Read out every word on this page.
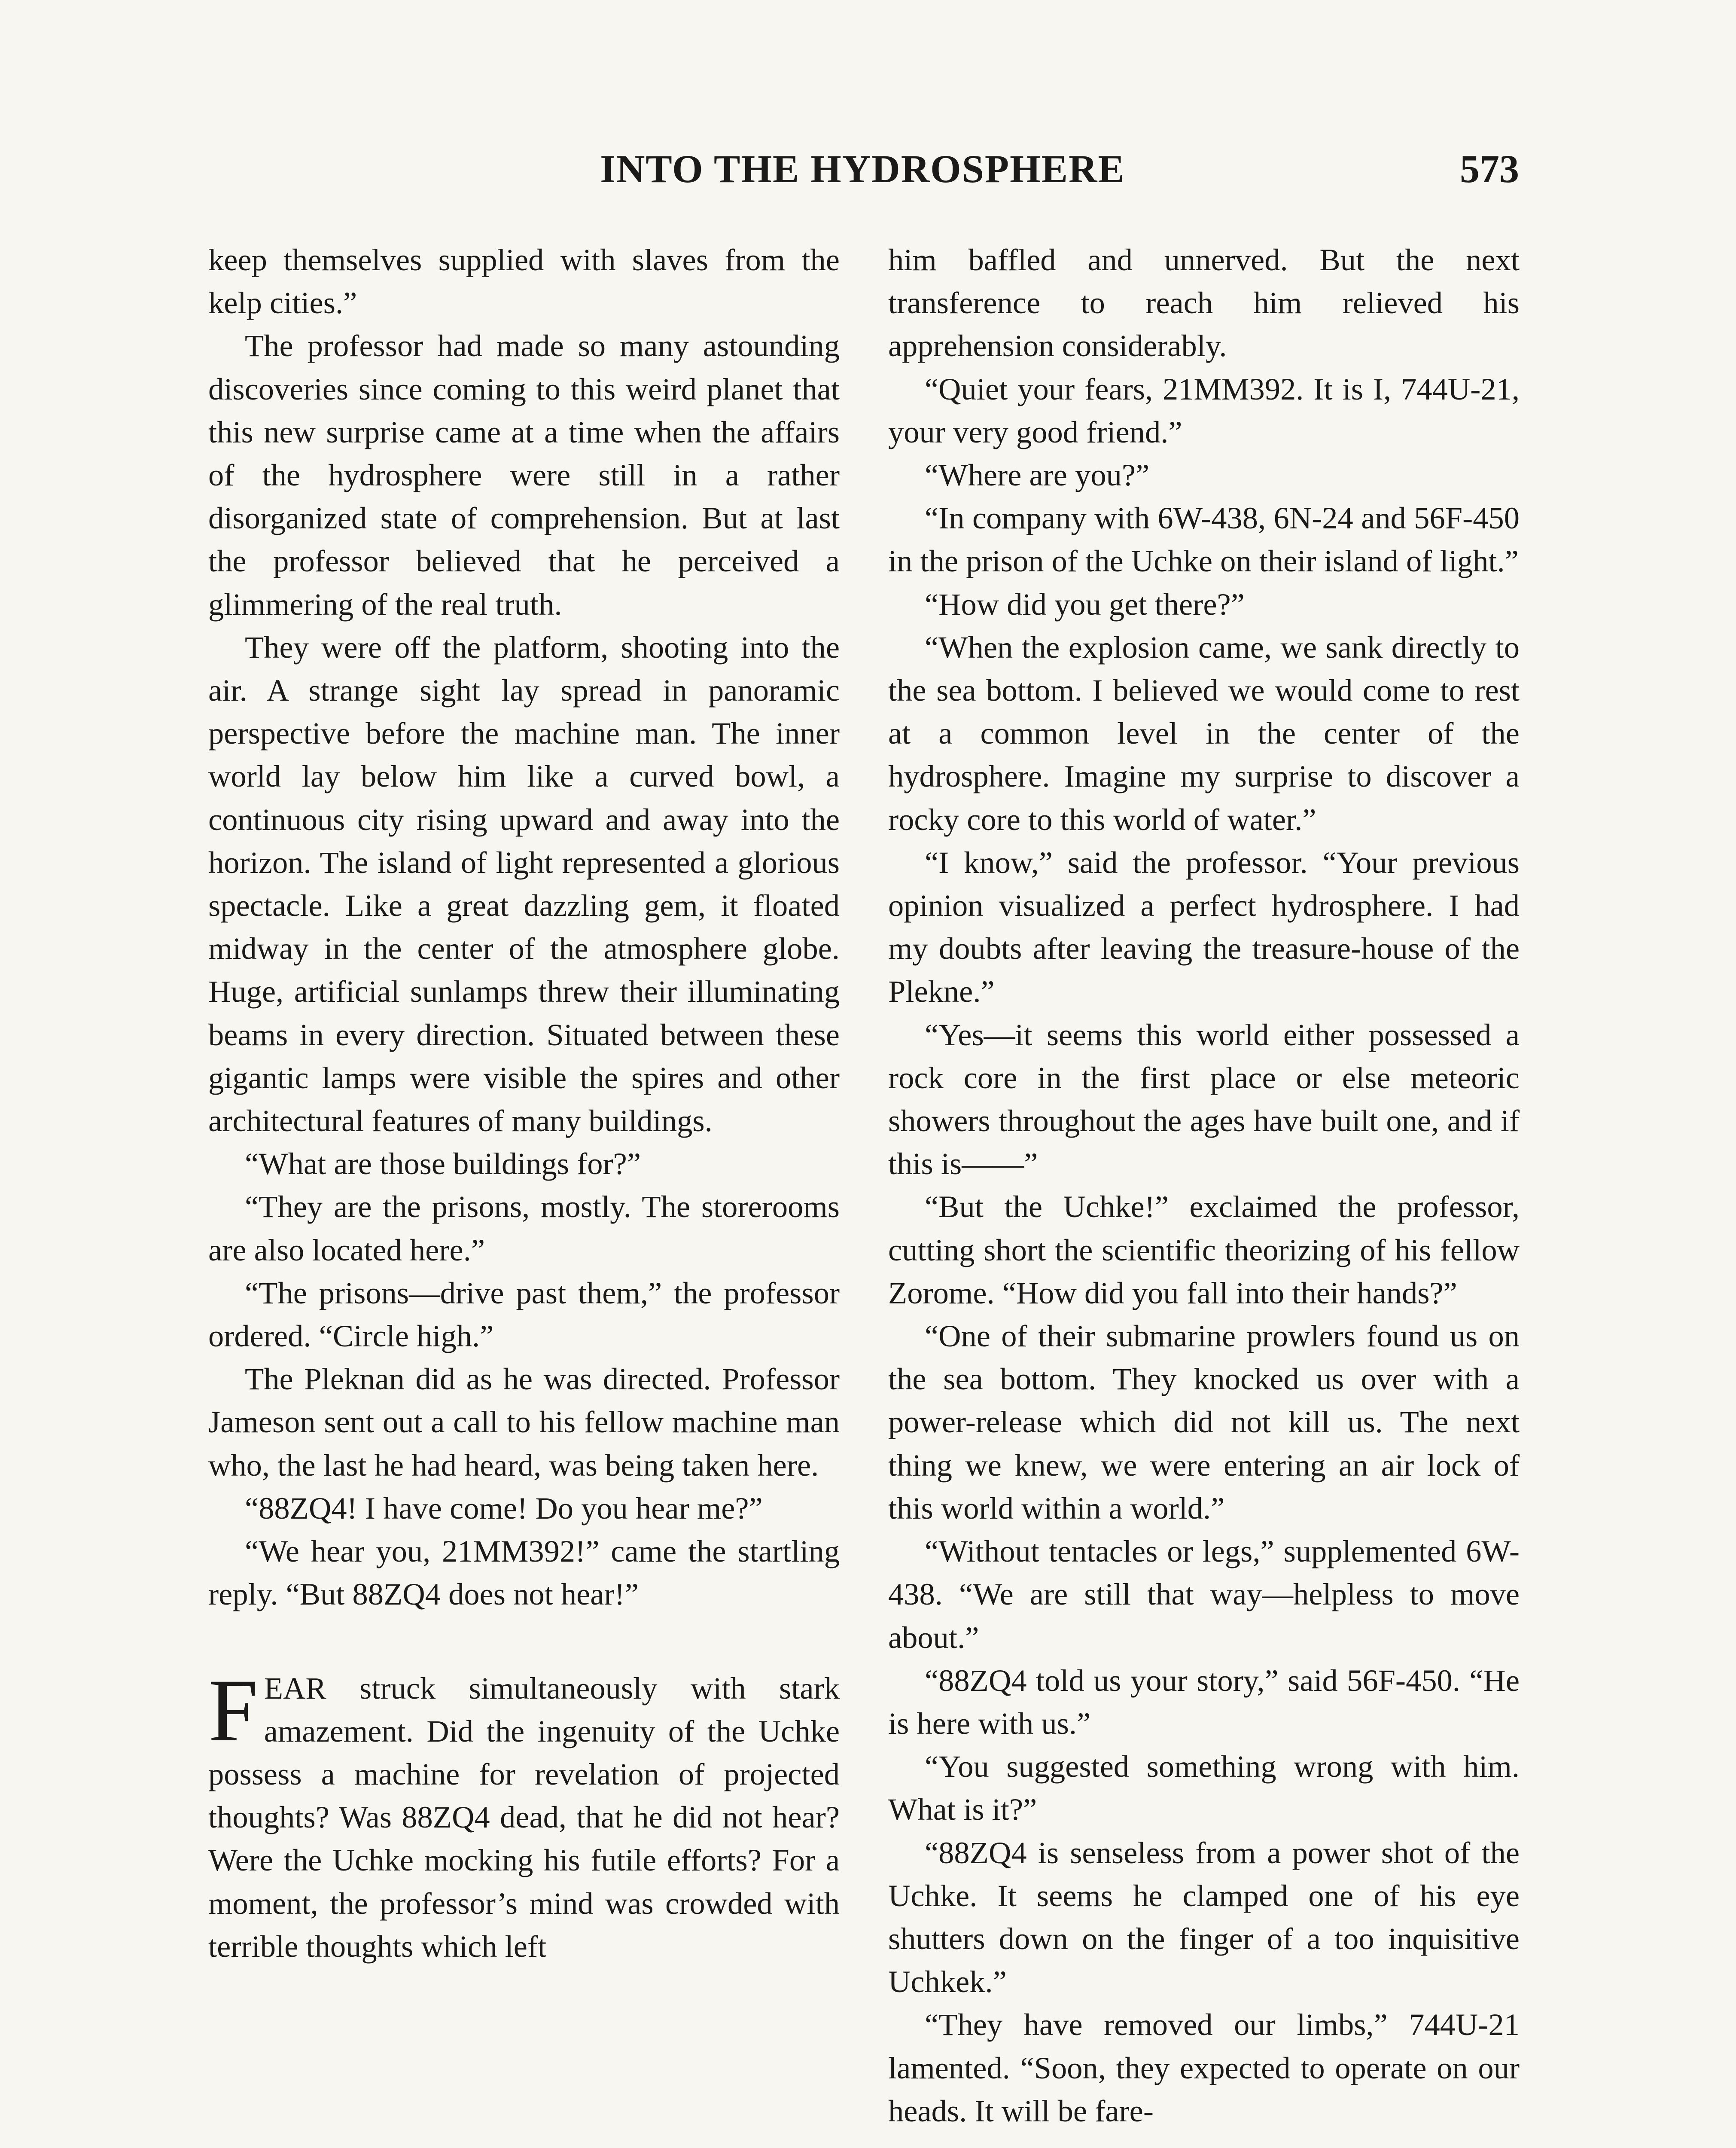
INTO THE HYDROSPHERE	573

keep themselves supplied with slaves from the kelp cities.”

The professor had made so many astounding discoveries since coming to this weird planet that this new surprise came at a time when the affairs of the hydrosphere were still in a rather disorganized state of comprehension. But at last the professor believed that he perceived a glimmering of the real truth.

They were off the platform, shooting into the air. A strange sight lay spread in panoramic perspective before the machine man. The inner world lay below him like a curved bowl, a continuous city rising upward and away into the horizon. The island of light represented a glorious spectacle. Like a great dazzling gem, it floated midway in the center of the atmosphere globe. Huge, artificial sunlamps threw their illuminating beams in every direction. Situated between these gigantic lamps were visible the spires and other architectural features of many buildings.

“What are those buildings for?”

“They are the prisons, mostly. The storerooms are also located here.”

“The prisons—drive past them,” the professor ordered. “Circle high.”

The Pleknan did as he was directed. Professor Jameson sent out a call to his fellow machine man who, the last he had heard, was being taken here.

“88ZQ4! I have come! Do you hear me?”

“We hear you, 21MM392!” came the startling reply. “But 88ZQ4 does not hear!”

FEAR struck simultaneously with stark amazement. Did the ingenuity of the Uchke possess a machine for revelation of projected thoughts? Was 88ZQ4 dead, that he did not hear? Were the Uchke mocking his futile efforts? For a moment, the professor’s mind was crowded with terrible thoughts which left

him baffled and unnerved. But the next transference to reach him relieved his apprehension considerably.

“Quiet your fears, 21MM392. It is I, 744U-21, your very good friend.”

“Where are you?”

“In company with 6W-438, 6N-24 and 56F-450 in the prison of the Uchke on their island of light.”

“How did you get there?”

“When the explosion came, we sank directly to the sea bottom. I believed we would come to rest at a common level in the center of the hydrosphere. Imagine my surprise to discover a rocky core to this world of water.”

“I know,” said the professor. “Your previous opinion visualized a perfect hydrosphere. I had my doubts after leaving the treasure-house of the Plekne.”

“Yes—it seems this world either possessed a rock core in the first place or else meteoric showers throughout the ages have built one, and if this is——”

“But the Uchke!” exclaimed the professor, cutting short the scientific theorizing of his fellow Zorome. “How did you fall into their hands?”

“One of their submarine prowlers found us on the sea bottom. They knocked us over with a power-release which did not kill us. The next thing we knew, we were entering an air lock of this world within a world.”

“Without tentacles or legs,” supplemented 6W-438. “We are still that way—helpless to move about.”

“88ZQ4 told us your story,” said 56F-450. “He is here with us.”

“You suggested something wrong with him. What is it?”

“88ZQ4 is senseless from a power shot of the Uchke. It seems he clamped one of his eye shutters down on the finger of a too inquisitive Uchkek.”

“They have removed our limbs,” 744U-21 lamented. “Soon, they expected to operate on our heads. It will be fare-
